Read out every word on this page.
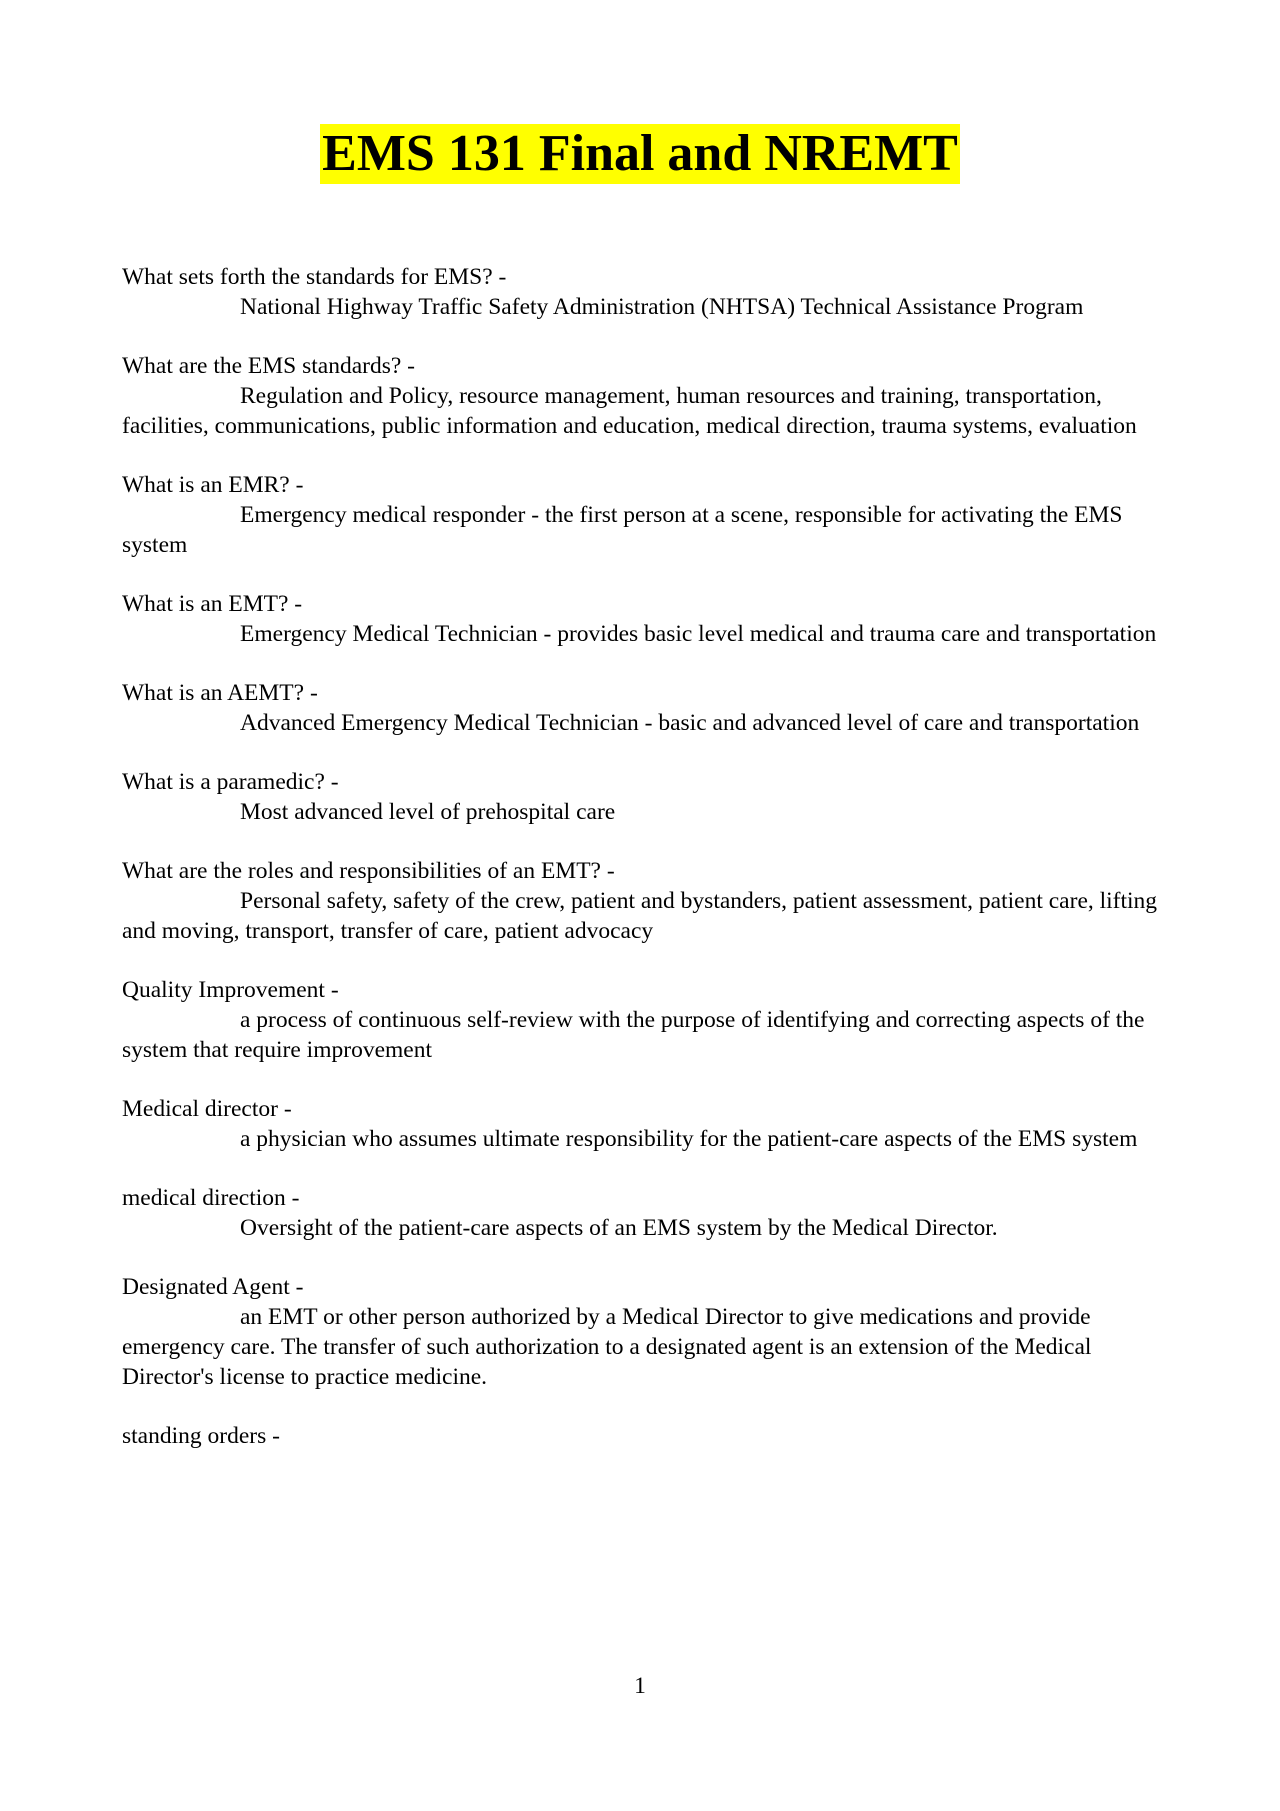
EMS 131 Final and NREMT
What sets forth the standards for EMS? -
National Highway Traffic Safety Administration (NHTSA) Technical Assistance Program
What are the EMS standards? -
Regulation and Policy, resource management, human resources and training, transportation, facilities, communications, public information and education, medical direction, trauma systems, evaluation
What is an EMR? -
Emergency medical responder - the first person at a scene, responsible for activating the EMS system
What is an EMT? -
Emergency Medical Technician - provides basic level medical and trauma care and transportation
What is an AEMT? -
Advanced Emergency Medical Technician - basic and advanced level of care and transportation
What is a paramedic? -
Most advanced level of prehospital care
What are the roles and responsibilities of an EMT? -
Personal safety, safety of the crew, patient and bystanders, patient assessment, patient care, lifting and moving, transport, transfer of care, patient advocacy
Quality Improvement -
a process of continuous self-review with the purpose of identifying and correcting aspects of the system that require improvement
Medical director -
a physician who assumes ultimate responsibility for the patient-care aspects of the EMS system
medical direction -
Oversight of the patient-care aspects of an EMS system by the Medical Director.
Designated Agent -
an EMT or other person authorized by a Medical Director to give medications and provide emergency care. The transfer of such authorization to a designated agent is an extension of the Medical Director's license to practice medicine.
standing orders -
1
